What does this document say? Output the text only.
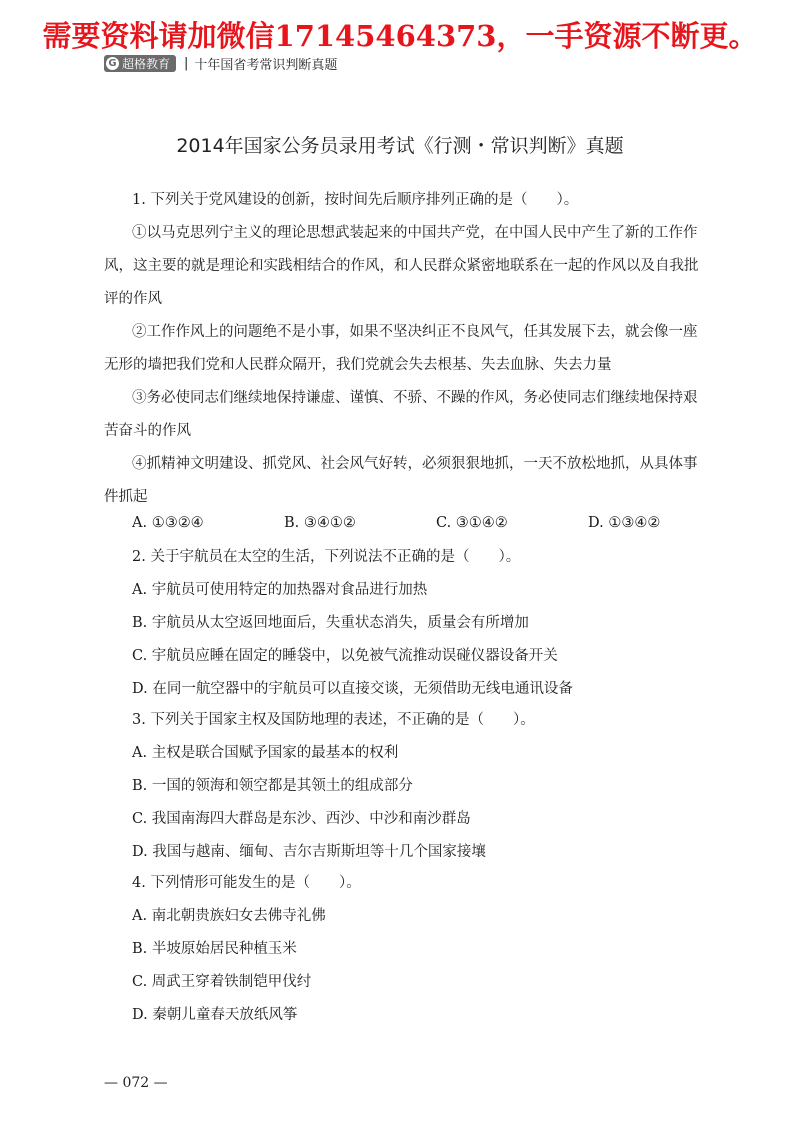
需要资料请加微信17145464373，一手资源不断更。
G 超格教育 | 十年国省考常识判断真题
2014年国家公务员录用考试《行测・常识判断》真题
1. 下列关于党风建设的创新，按时间先后顺序排列正确的是（　　）。
①以马克思列宁主义的理论思想武装起来的中国共产党，在中国人民中产生了新的工作作
风，这主要的就是理论和实践相结合的作风，和人民群众紧密地联系在一起的作风以及自我批
评的作风
②工作作风上的问题绝不是小事，如果不坚决纠正不良风气，任其发展下去，就会像一座
无形的墙把我们党和人民群众隔开，我们党就会失去根基、失去血脉、失去力量
③务必使同志们继续地保持谦虚、谨慎、不骄、不躁的作风，务必使同志们继续地保持艰
苦奋斗的作风
④抓精神文明建设、抓党风、社会风气好转，必须狠狠地抓，一天不放松地抓，从具体事
件抓起
A. ①③②④	B. ③④①②	C. ③①④②	D. ①③④②
2. 关于宇航员在太空的生活，下列说法不正确的是（　　）。
A. 宇航员可使用特定的加热器对食品进行加热
B. 宇航员从太空返回地面后，失重状态消失，质量会有所增加
C. 宇航员应睡在固定的睡袋中，以免被气流推动误碰仪器设备开关
D. 在同一航空器中的宇航员可以直接交谈，无须借助无线电通讯设备
3. 下列关于国家主权及国防地理的表述，不正确的是（　　）。
A. 主权是联合国赋予国家的最基本的权利
B. 一国的领海和领空都是其领土的组成部分
C. 我国南海四大群岛是东沙、西沙、中沙和南沙群岛
D. 我国与越南、缅甸、吉尔吉斯斯坦等十几个国家接壤
4. 下列情形可能发生的是（　　）。
A. 南北朝贵族妇女去佛寺礼佛
B. 半坡原始居民种植玉米
C. 周武王穿着铁制铠甲伐纣
D. 秦朝儿童春天放纸风筝
— 072 —
